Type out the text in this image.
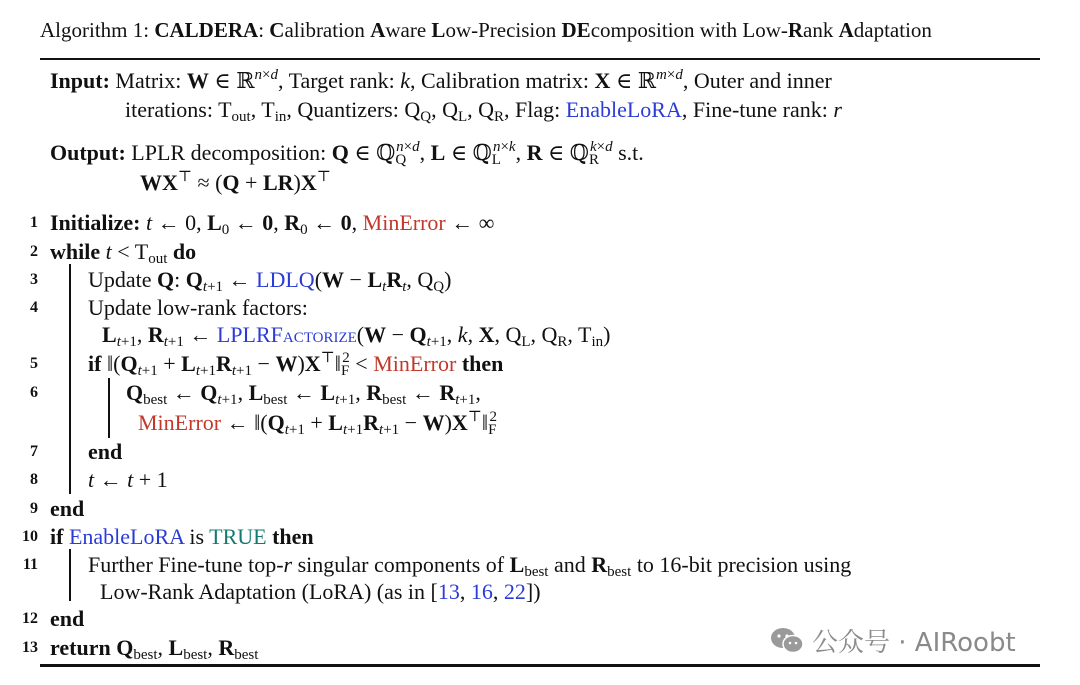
Algorithm 1: CALDERA: Calibration Aware Low-Precision DEcomposition with Low-Rank Adaptation
Input: Matrix: W ∈ ℝ$^{n\times d}$, Target rank: k, Calibration matrix: X ∈ ℝ$^{m\times d}$, Outer and inner
iterations: $T_{out}$, $T_{in}$, Quantizers: $Q_Q$, $Q_L$, $Q_R$, Flag: EnableLoRA, Fine-tune rank: r
Output: LPLR decomposition: Q ∈ ℚ$_Q^{n\times d}$, L ∈ ℚ$_L^{n\times k}$, R ∈ ℚ$_R^{k\times d}$ s.t.
WX⊤ ≈ (Q + LR)X⊤
1 Initialize: t ← 0, $L_0$ ← 0, $R_0$ ← 0, MinError ← ∞
2 while $t < T_{out}$ do
3 Update Q: $Q_{t+1}$ ← LDLQ(W − $L_tR_t$, $Q_Q$)
4 Update low-rank factors:
$L_{t+1}$, $R_{t+1}$ ← LPLRFactorize(W − $Q_{t+1}$, k, X, $Q_L$, $Q_R$, $T_{in}$)
5 if $‖(Q_{t+1} + L_{t+1}R_{t+1}$ − $W)X^⊤‖_F^2$ < MinError then
6	$Q_{best}$ ← $Q_{t+1}$, $L_{best}$ ← $L_{t+1}$, $R_{best}$ ← $R_{t+1}$,
MinError ← $‖(Q_{t+1} + L_{t+1}R_{t+1}$ − $W)X^⊤‖_F^2$
7 end
8 t ← t + 1
9 end
10 if EnableLoRA is TRUE then
11 Further Fine-tune top-r singular components of $L_{best}$ and $R_{best}$ to 16-bit precision using
Low-Rank Adaptation (LoRA) (as in [13, 16, 22])
12 end
13 return $Q_{best}$, $L_{best}$, $R_{best}$	公众号 · AIRoobt
